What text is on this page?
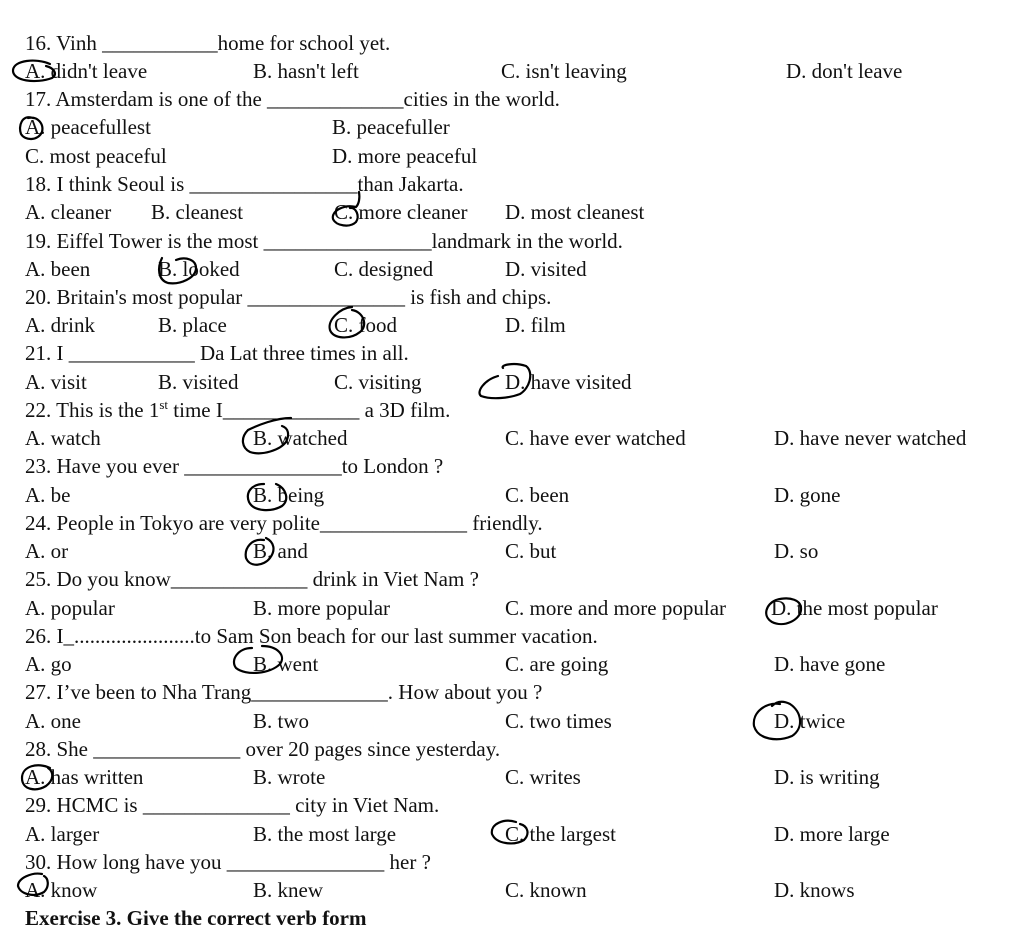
16. Vinh ___________home for school yet.
A. didn't leave	B. hasn't left	C. isn't leaving	D. don't leave
17. Amsterdam is one of the _____________cities in the world.
A. peacefullest	B. peacefuller
C. most peaceful	D. more peaceful
18. I think Seoul is ________________than Jakarta.
A. cleaner B. cleanest	C. more cleaner D. most cleanest
19. Eiffel Tower is the most ________________landmark in the world.
A. been	B. looked	C. designed	D. visited
20. Britain's most popular _______________ is fish and chips.
A. drink	B. place	C. food	D. film
21. I ____________ Da Lat three times in all.
A. visit	B. visited	C. visiting	D. have visited
22. This is the 1st time I_____________ a 3D film.
A. watch	B. watched	C. have ever watched	D. have never watched
23. Have you ever _______________to London ?
A. be	B. being	C. been	D. gone
24. People in Tokyo are very polite______________ friendly.
A. or	B. and	C. but	D. so
25. Do you know_____________ drink in Viet Nam ?
A. popular	B. more popular	C. more and more popular D. the most popular
26. I_.......................to Sam Son beach for our last summer vacation.
A. go	B. went	C. are going	D. have gone
27. I’ve been to Nha Trang_____________. How about you ?
A. one	B. two	C. two times	D. twice
28. She ______________ over 20 pages since yesterday.
A. has written	B. wrote	C. writes	D. is writing
29. HCMC is ______________ city in Viet Nam.
A. larger	B. the most large	C. the largest	D. more large
30. How long have you _______________ her ?
A. know	B. knew	C. known	D. knows
Exercise 3. Give the correct verb form
